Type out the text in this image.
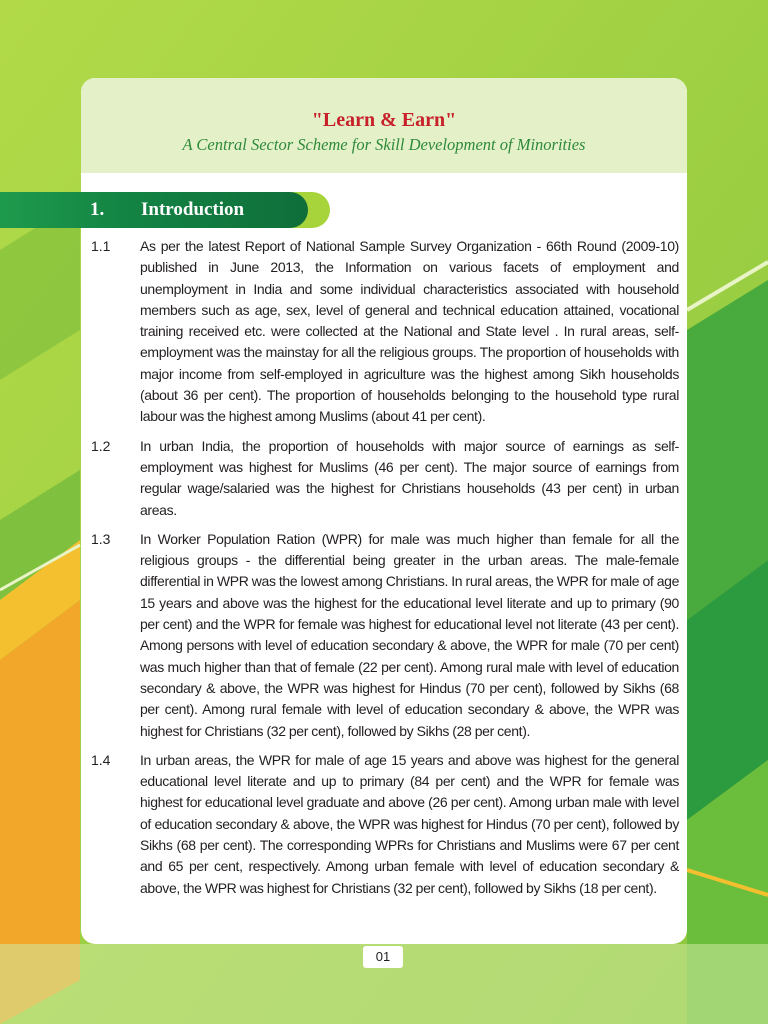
"Learn & Earn"

A Central Sector Scheme for Skill Development of Minorities

1. Introduction
1.1 As per the latest Report of National Sample Survey Organization - 66th Round (2009-10) published in June 2013, the Information on various facets of employment and unemployment in India and some individual characteristics associated with household members such as age, sex, level of general and technical education attained, vocational training received etc. were collected at the National and State level . In rural areas, self-employment was the mainstay for all the religious groups. The proportion of households with major income from self-employed in agriculture was the highest among Sikh households (about 36 per cent). The proportion of households belonging to the household type rural labour was the highest among Muslims (about 41 per cent).

1.2 In urban India, the proportion of households with major source of earnings as self-employment was highest for Muslims (46 per cent). The major source of earnings from regular wage/salaried was the highest for Christians households (43 per cent) in urban areas.

1.3 In Worker Population Ration (WPR) for male was much higher than female for all the religious groups - the differential being greater in the urban areas. The male-female differential in WPR was the lowest among Christians. In rural areas, the WPR for male of age 15 years and above was the highest for the educational level literate and up to primary (90 per cent) and the WPR for female was highest for educational level not literate (43 per cent). Among persons with level of education secondary & above, the WPR for male (70 per cent) was much higher than that of female (22 per cent). Among rural male with level of education secondary & above, the WPR was highest for Hindus (70 per cent), followed by Sikhs (68 per cent). Among rural female with level of education secondary & above, the WPR was highest for Christians (32 per cent), followed by Sikhs (28 per cent).

1.4 In urban areas, the WPR for male of age 15 years and above was highest for the general educational level literate and up to primary (84 per cent) and the WPR for female was highest for educational level graduate and above (26 per cent). Among urban male with level of education secondary & above, the WPR was highest for Hindus (70 per cent), followed by Sikhs (68 per cent). The corresponding WPRs for Christians and Muslims were 67 per cent and 65 per cent, respectively. Among urban female with level of education secondary & above, the WPR was highest for Christians (32 per cent), followed by Sikhs (18 per cent).

01
